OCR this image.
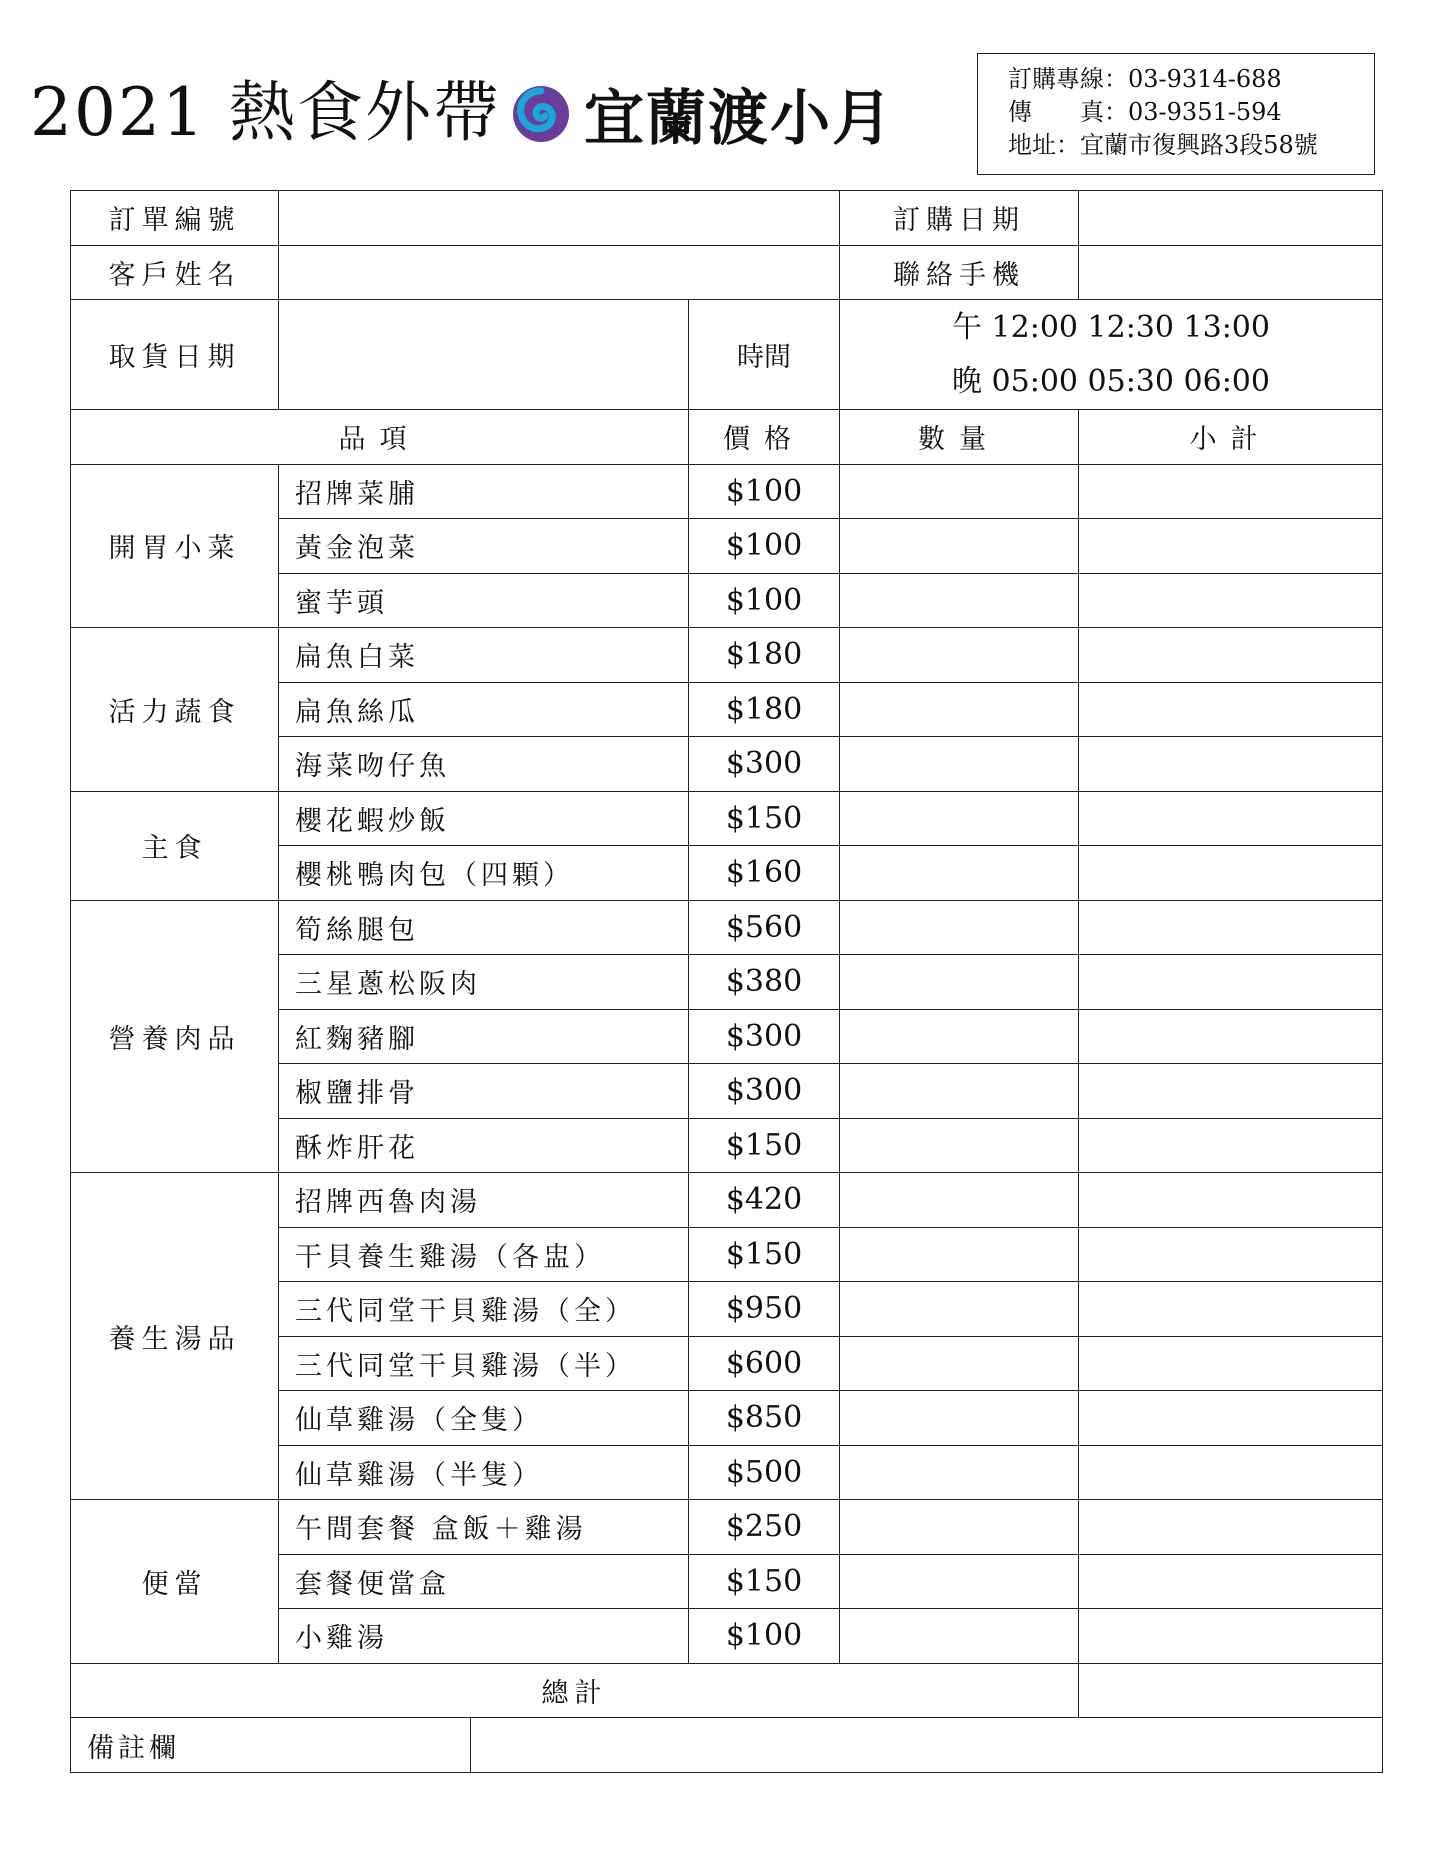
2021 熱食外帶 宜蘭渡小月
訂購專線： 03-9314-688
傳　　真： 03-9351-594
地址： 宜蘭市復興路3段58號
訂單編號			訂購日期	
客戶姓名			聯絡手機	
取貨日期		時間	午 12:00 12:30 13:00
晚 05:00 05:30 06:00	

品項		價格	數量	小計
開胃小菜	招牌菜脯	$100		
	黃金泡菜	$100		
	蜜芋頭	$100		
活力蔬食	扁魚白菜	$180		
	扁魚絲瓜	$180		
	海菜吻仔魚	$300		
主食	櫻花蝦炒飯	$150		
	櫻桃鴨肉包（四顆）	$160		
營養肉品	筍絲腿包	$560		
	三星蔥松阪肉	$380		
	紅麴豬腳	$300		
	椒鹽排骨	$300		
	酥炸肝花	$150		
養生湯品	招牌西魯肉湯	$420		
	干貝養生雞湯（各盅）	$150		
	三代同堂干貝雞湯（全）	$950		
	三代同堂干貝雞湯（半）	$600		
	仙草雞湯（全隻）	$850		
	仙草雞湯（半隻）	$500		
便當	午間套餐 盒飯＋雞湯	$250		
	套餐便當盒	$150		
	小雞湯	$100		
總計				

備註欄				
